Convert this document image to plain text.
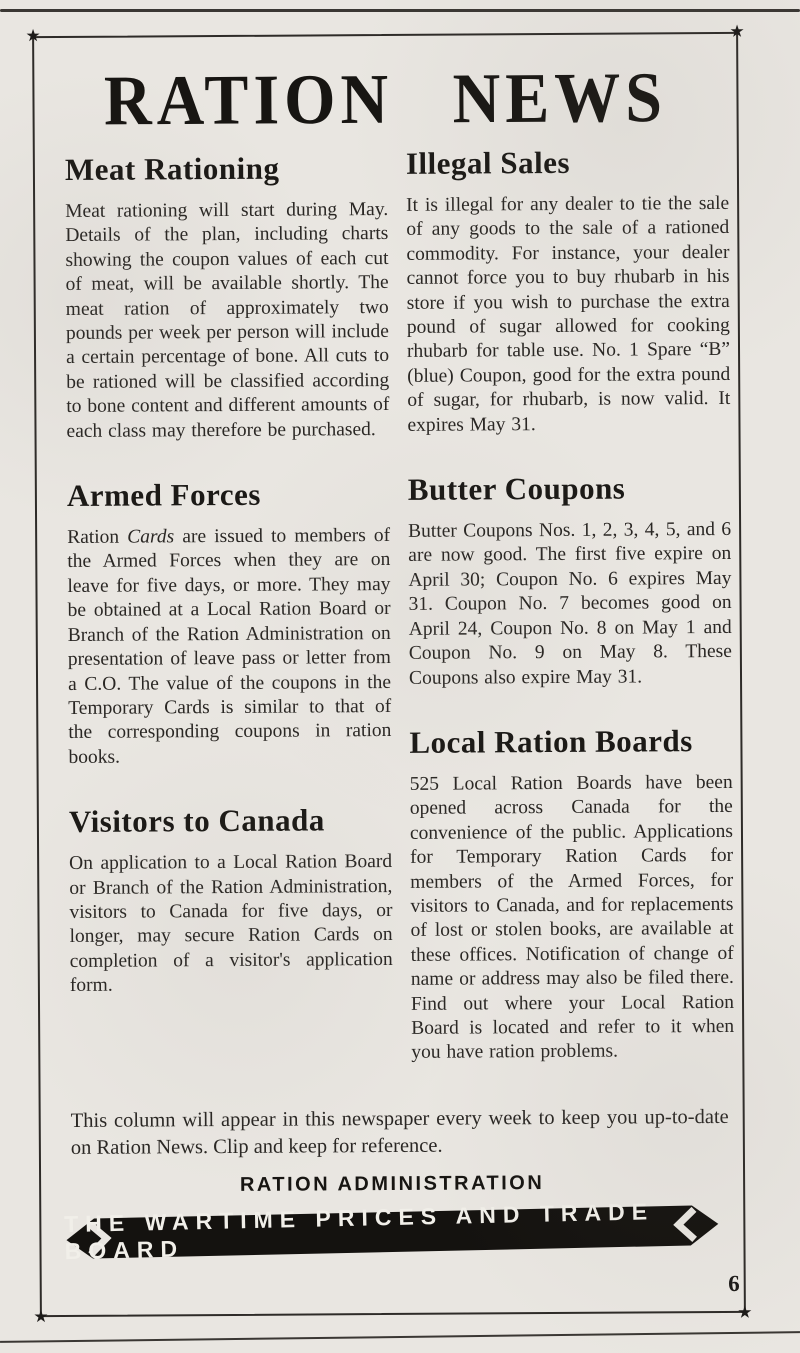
★	★
★	★
RATION NEWS
Meat Rationing

Meat rationing will start during May. Details of the plan, including charts showing the coupon values of each cut of meat, will be available shortly. The meat ration of approximately two pounds per week per person will include a certain percentage of bone. All cuts to be rationed will be classified according to bone content and different amounts of each class may therefore be purchased.

Armed Forces

Ration Cards are issued to members of the Armed Forces when they are on leave for five days, or more. They may be obtained at a Local Ration Board or Branch of the Ration Administration on presentation of leave pass or letter from a C.O. The value of the coupons in the Temporary Cards is similar to that of the corresponding coupons in ration books.

Visitors to Canada

On application to a Local Ration Board or Branch of the Ration Administration, visitors to Canada for five days, or longer, may secure Ration Cards on completion of a visitor's application form.

Illegal Sales

It is illegal for any dealer to tie the sale of any goods to the sale of a rationed commodity. For instance, your dealer cannot force you to buy rhubarb in his store if you wish to purchase the extra pound of sugar allowed for cooking rhubarb for table use. No. 1 Spare “B” (blue) Coupon, good for the extra pound of sugar, for rhubarb, is now valid. It expires May 31.

Butter Coupons

Butter Coupons Nos. 1, 2, 3, 4, 5, and 6 are now good. The first five expire on April 30; Coupon No. 6 expires May 31. Coupon No. 7 becomes good on April 24, Coupon No. 8 on May 1 and Coupon No. 9 on May 8. These Coupons also expire May 31.

Local Ration Boards

525 Local Ration Boards have been opened across Canada for the convenience of the public. Applications for Temporary Ration Cards for members of the Armed Forces, for visitors to Canada, and for replacements of lost or stolen books, are available at these offices. Notification of change of name or address may also be filed there. Find out where your Local Ration Board is located and refer to it when you have ration problems.

This column will appear in this newspaper every week to keep you up-to-date on Ration News. Clip and keep for reference.

RATION ADMINISTRATION
THE WARTIME PRICES AND TRADE BOARD
6
